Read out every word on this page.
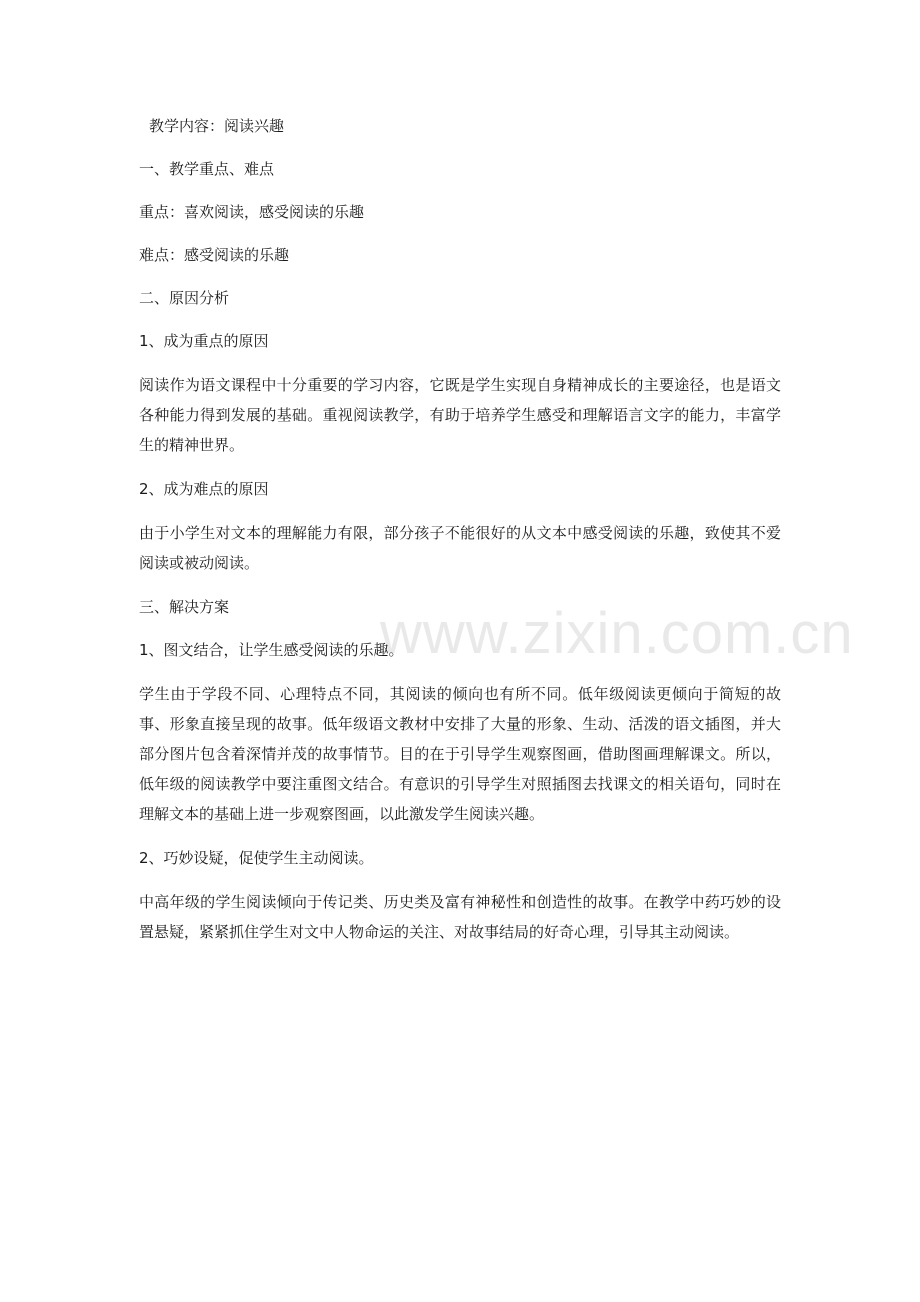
www.zixin.com.cn
教学内容：阅读兴趣
一、教学重点、难点
重点：喜欢阅读，感受阅读的乐趣
难点：感受阅读的乐趣
二、原因分析
1、成为重点的原因
阅读作为语文课程中十分重要的学习内容，它既是学生实现自身精神成长的主要途径，也是语文各种能力得到发展的基础。重视阅读教学，有助于培养学生感受和理解语言文字的能力，丰富学生的精神世界。
2、成为难点的原因
由于小学生对文本的理解能力有限，部分孩子不能很好的从文本中感受阅读的乐趣，致使其不爱阅读或被动阅读。
三、解决方案
1、图文结合，让学生感受阅读的乐趣。
学生由于学段不同、心理特点不同，其阅读的倾向也有所不同。低年级阅读更倾向于简短的故事、形象直接呈现的故事。低年级语文教材中安排了大量的形象、生动、活泼的语文插图，并大部分图片包含着深情并茂的故事情节。目的在于引导学生观察图画，借助图画理解课文。所以，低年级的阅读教学中要注重图文结合。有意识的引导学生对照插图去找课文的相关语句，同时在理解文本的基础上进一步观察图画，以此激发学生阅读兴趣。
2、巧妙设疑，促使学生主动阅读。
中高年级的学生阅读倾向于传记类、历史类及富有神秘性和创造性的故事。在教学中药巧妙的设置悬疑，紧紧抓住学生对文中人物命运的关注、对故事结局的好奇心理，引导其主动阅读。
